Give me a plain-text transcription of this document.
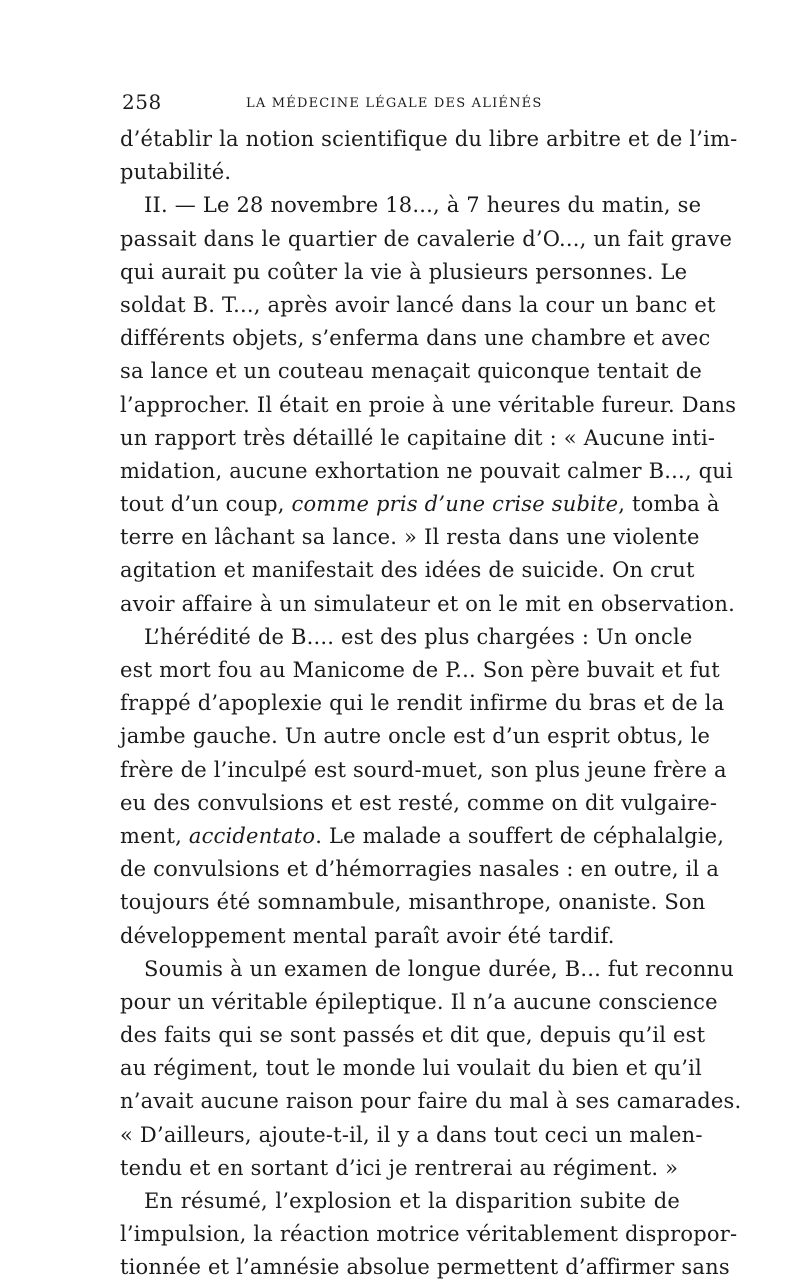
258	LA MÉDECINE LÉGALE DES ALIÉNÉS
d’établir la notion scientifique du libre arbitre et de l’im-
putabilité.
II. — Le 28 novembre 18..., à 7 heures du matin, se
passait dans le quartier de cavalerie d’O..., un fait grave
qui aurait pu coûter la vie à plusieurs personnes. Le
soldat B. T..., après avoir lancé dans la cour un banc et
différents objets, s’enferma dans une chambre et avec
sa lance et un couteau menaçait quiconque tentait de
l’approcher. Il était en proie à une véritable fureur. Dans
un rapport très détaillé le capitaine dit : « Aucune inti-
midation, aucune exhortation ne pouvait calmer B..., qui
tout d’un coup, comme pris d’une crise subite, tomba à
terre en lâchant sa lance. » Il resta dans une violente
agitation et manifestait des idées de suicide. On crut
avoir affaire à un simulateur et on le mit en observation.
L’hérédité de B.... est des plus chargées : Un oncle
est mort fou au Manicome de P... Son père buvait et fut
frappé d’apoplexie qui le rendit infirme du bras et de la
jambe gauche. Un autre oncle est d’un esprit obtus, le
frère de l’inculpé est sourd-muet, son plus jeune frère a
eu des convulsions et est resté, comme on dit vulgaire-
ment, accidentato. Le malade a souffert de céphalalgie,
de convulsions et d’hémorragies nasales : en outre, il a
toujours été somnambule, misanthrope, onaniste. Son
développement mental paraît avoir été tardif.
Soumis à un examen de longue durée, B... fut reconnu
pour un véritable épileptique. Il n’a aucune conscience
des faits qui se sont passés et dit que, depuis qu’il est
au régiment, tout le monde lui voulait du bien et qu’il
n’avait aucune raison pour faire du mal à ses camarades.
« D’ailleurs, ajoute-t-il, il y a dans tout ceci un malen-
tendu et en sortant d’ici je rentrerai au régiment. »
En résumé, l’explosion et la disparition subite de
l’impulsion, la réaction motrice véritablement dispropor-
tionnée et l’amnésie absolue permettent d’affirmer sans
